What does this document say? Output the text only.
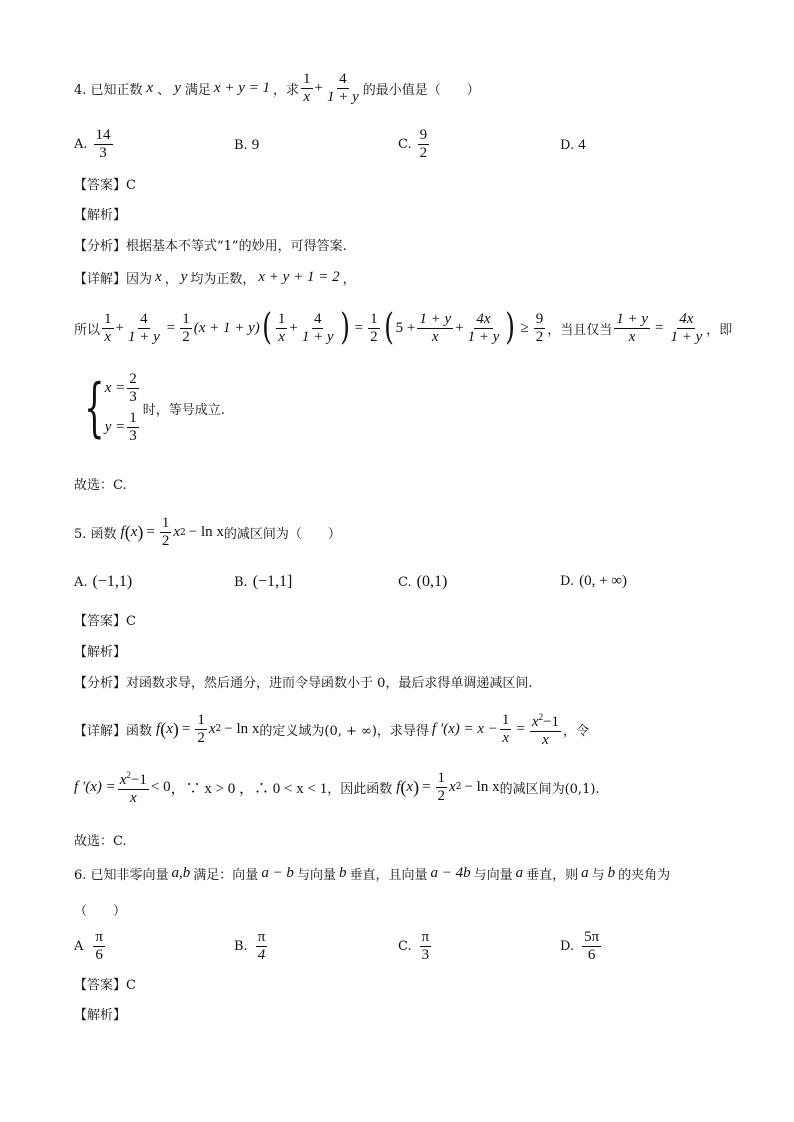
4. 已知正数 x 、 y 满足 x + y = 1 ，求 $\frac{1}{x} + \frac{4}{1 + y}$ 的最小值是（　　）
A. $\frac{14}{3}$	B. 9	C. $\frac{9}{2}$	D. 4
【答案】C
【解析】
【分析】根据基本不等式“1”的妙用，可得答案.
【详解】因为 x ， y 均为正数， x + y + 1 = 2 ，
所以 $\frac{1}{x} + \frac{4}{1 + y} = \frac{1}{2} (x + 1 + y)$ ( $\frac{1}{x} + \frac{4}{1 + y}$ ) = $\frac{1}{2}$ ( $5 + \frac{1 + y}{x} + \frac{4x}{1 + y}$ ) ≥ $\frac{9}{2}$ ，当且仅当 $\frac{1 + y}{x} = \frac{4x}{1 + y}$ ，即
{ $x = \frac{2}{3}$
$y = \frac{1}{3}$
时，等号成立.
故选：C.
5. 函数 f ( x ) = $\frac{1}{2}$ x 2 − ln x 的减区间为（　　）
A. (−1,1)	B. (−1,1]	C. (0,1)	D. (0, + ∞)
【答案】C
【解析】
【分析】对函数求导，然后通分，进而令导函数小于 0，最后求得单调递减区间.
【详解】函数 f ( x ) = $\frac{1}{2}$ x 2 − ln x 的定义域为(0, + ∞)，求导得 f $'(x) = x - \frac{1}{x} = \frac{x^2-1}{x}$ ，令
f $'(x) = \frac{x^2-1}{x} < 0$ ，∵ x > 0 ，∴ 0 < x < 1 ，因此函数 f ( x ) = $\frac{1}{2}$ x 2 − ln x 的减区间为(0,1).
故选：C.
6. 已知非零向量 a,b 满足：向量 a − b 与向量 b 垂直，且向量 a − 4b 与向量 a 垂直，则 a 与 b 的夹角为
（　　）
A $\frac{\pi}{6}$	B. $\frac{\pi}{4}$	C. $\frac{\pi}{3}$	D. $\frac{5\pi}{6}$
【答案】C
【解析】
